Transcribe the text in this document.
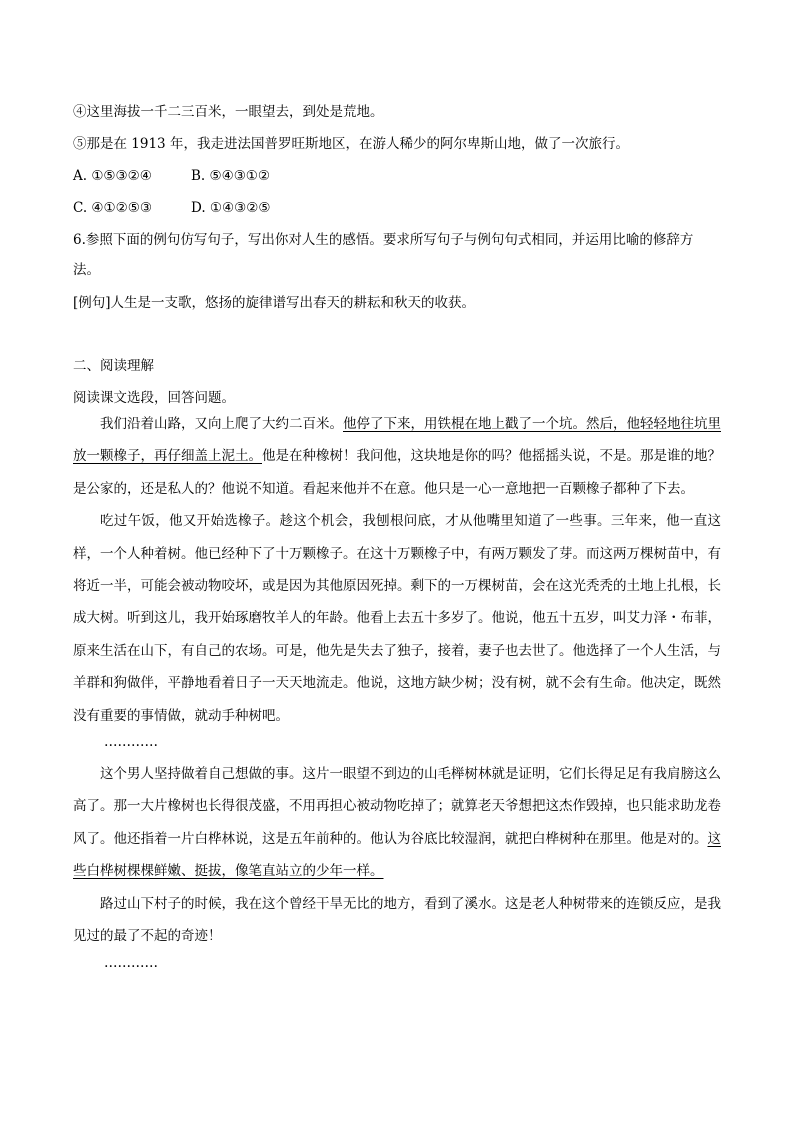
④这里海拔一千二三百米，一眼望去，到处是荒地。

⑤那是在 1913 年，我走进法国普罗旺斯地区，在游人稀少的阿尔卑斯山地，做了一次旅行。

A. ①⑤③②④	B. ⑤④③①②

C. ④①②⑤③	D. ①④③②⑤

6.参照下面的例句仿写句子，写出你对人生的感悟。要求所写句子与例句句式相同，并运用比喻的修辞方

法。

[例句]人生是一支歌，悠扬的旋律谱写出春天的耕耘和秋天的收获。

二、阅读理解

阅读课文选段，回答问题。

我们沿着山路，又向上爬了大约二百米。他停了下来，用铁棍在地上戳了一个坑。然后，他轻轻地往坑里放一颗橡子，再仔细盖上泥土。他是在种橡树！我问他，这块地是你的吗？他摇摇头说，不是。那是谁的地？是公家的，还是私人的？他说不知道。看起来他并不在意。他只是一心一意地把一百颗橡子都种了下去。

吃过午饭，他又开始选橡子。趁这个机会，我刨根问底，才从他嘴里知道了一些事。三年来，他一直这样，一个人种着树。他已经种下了十万颗橡子。在这十万颗橡子中，有两万颗发了芽。而这两万棵树苗中，有将近一半，可能会被动物咬坏，或是因为其他原因死掉。剩下的一万棵树苗，会在这光秃秃的土地上扎根，长成大树。听到这儿，我开始琢磨牧羊人的年龄。他看上去五十多岁了。他说，他五十五岁，叫艾力泽・布菲，原来生活在山下，有自己的农场。可是，他先是失去了独子，接着，妻子也去世了。他选择了一个人生活，与羊群和狗做伴，平静地看着日子一天天地流走。他说，这地方缺少树；没有树，就不会有生命。他决定，既然没有重要的事情做，就动手种树吧。

…………

这个男人坚持做着自己想做的事。这片一眼望不到边的山毛榉树林就是证明，它们长得足足有我肩膀这么高了。那一大片橡树也长得很茂盛，不用再担心被动物吃掉了；就算老天爷想把这杰作毁掉，也只能求助龙卷风了。他还指着一片白桦林说，这是五年前种的。他认为谷底比较湿润，就把白桦树种在那里。他是对的。这些白桦树棵棵鲜嫩、挺拔，像笔直站立的少年一样。

路过山下村子的时候，我在这个曾经干旱无比的地方，看到了溪水。这是老人种树带来的连锁反应，是我见过的最了不起的奇迹！

…………
